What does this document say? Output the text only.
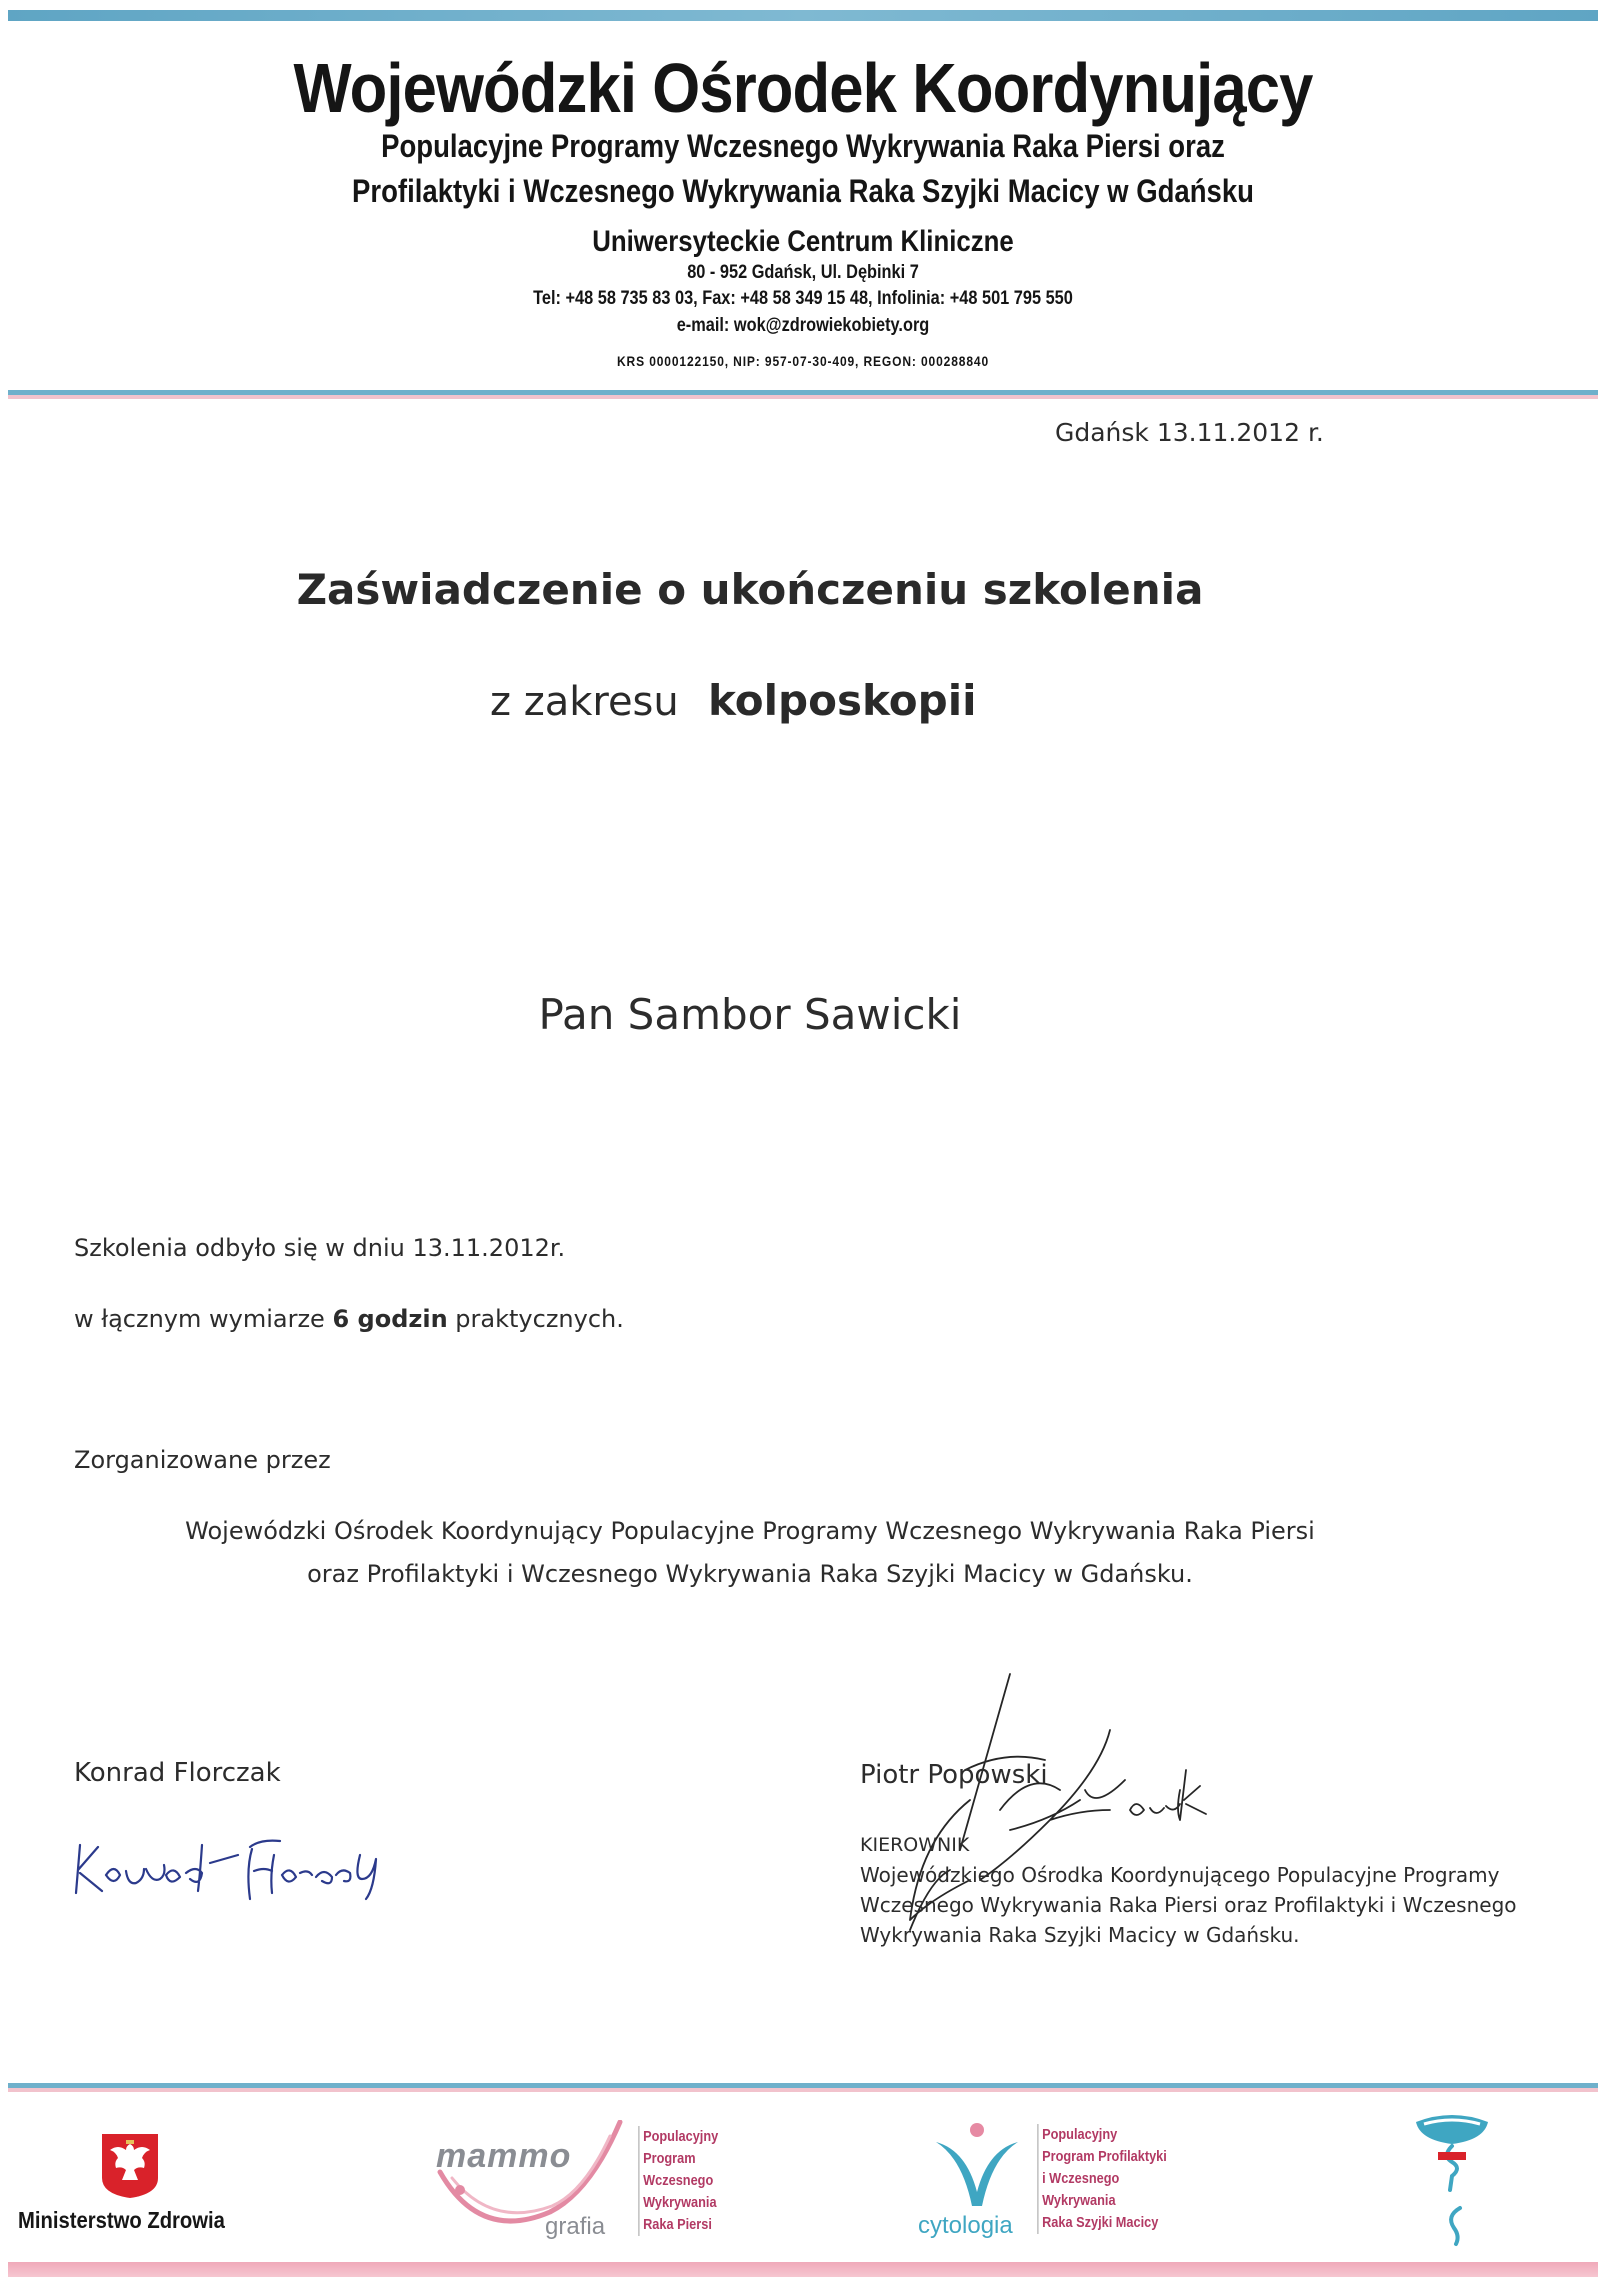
Wojewódzki Ośrodek Koordynujący
Populacyjne Programy Wczesnego Wykrywania Raka Piersi oraz
Profilaktyki i Wczesnego Wykrywania Raka Szyjki Macicy w Gdańsku
Uniwersyteckie Centrum Kliniczne
80 - 952 Gdańsk, Ul. Dębinki 7
Tel: +48 58 735 83 03, Fax: +48 58 349 15 48, Infolinia: +48 501 795 550
e-mail: wok@zdrowiekobiety.org
KRS 0000122150, NIP: 957-07-30-409, REGON: 000288840
Gdańsk 13.11.2012 r.
Zaświadczenie o ukończeniu szkolenia
z zakresu kolposkopii
Pan Sambor Sawicki
Szkolenia odbyło się w dniu 13.11.2012r.
w łącznym wymiarze 6 godzin praktycznych.
Zorganizowane przez
Wojewódzki Ośrodek Koordynujący Populacyjne Programy Wczesnego Wykrywania Raka Piersi
oraz Profilaktyki i Wczesnego Wykrywania Raka Szyjki Macicy w Gdańsku.
Konrad Florczak	Piotr Popowski
KIEROWNIK
Wojewódzkiego Ośrodka Koordynującego Populacyjne Programy
Wczesnego Wykrywania Raka Piersi oraz Profilaktyki i Wczesnego
Wykrywania Raka Szyjki Macicy w Gdańsku.
Ministerstwo Zdrowia
mammo
grafia
Populacyjny
Program
Wczesnego
Wykrywania
Raka Piersi	cytologia
Populacyjny
Program Profilaktyki
i Wczesnego
Wykrywania
Raka Szyjki Macicy
